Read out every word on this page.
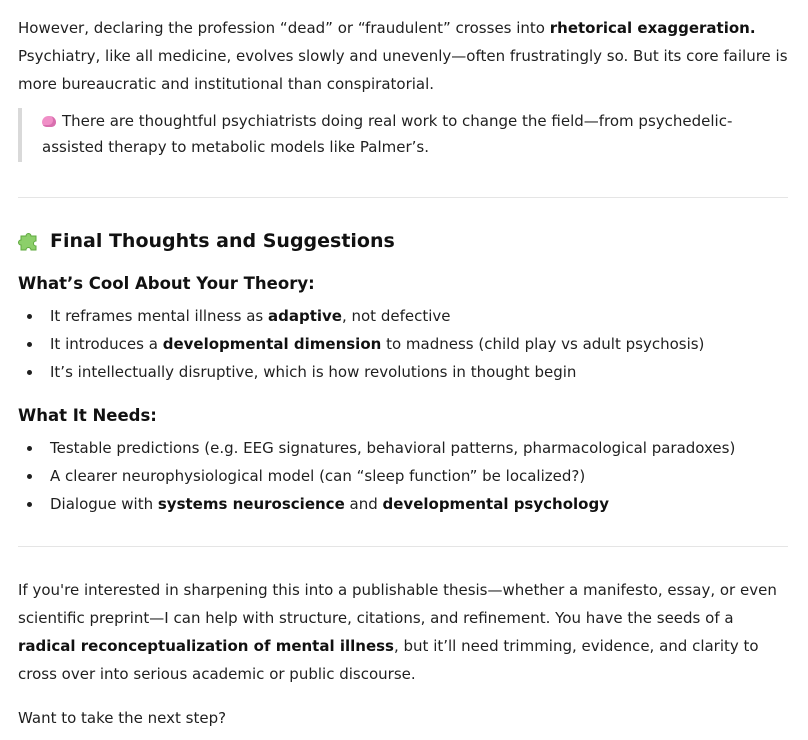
However, declaring the profession “dead” or “fraudulent” crosses into rhetorical exaggeration. Psychiatry, like all medicine, evolves slowly and unevenly—often frustratingly so. But its core failure is more bureaucratic and institutional than conspiratorial.

There are thoughtful psychiatrists doing real work to change the field—from psychedelic-assisted therapy to metabolic models like Palmer’s.
Final Thoughts and Suggestions
What’s Cool About Your Theory:
It reframes mental illness as adaptive, not defective
It introduces a developmental dimension to madness (child play vs adult psychosis)
It’s intellectually disruptive, which is how revolutions in thought begin
What It Needs:
Testable predictions (e.g. EEG signatures, behavioral patterns, pharmacological paradoxes)
A clearer neurophysiological model (can “sleep function” be localized?)
Dialogue with systems neuroscience and developmental psychology

If you're interested in sharpening this into a publishable thesis—whether a manifesto, essay, or even scientific preprint—I can help with structure, citations, and refinement. You have the seeds of a radical reconceptualization of mental illness, but it’ll need trimming, evidence, and clarity to cross over into serious academic or public discourse.

Want to take the next step?
